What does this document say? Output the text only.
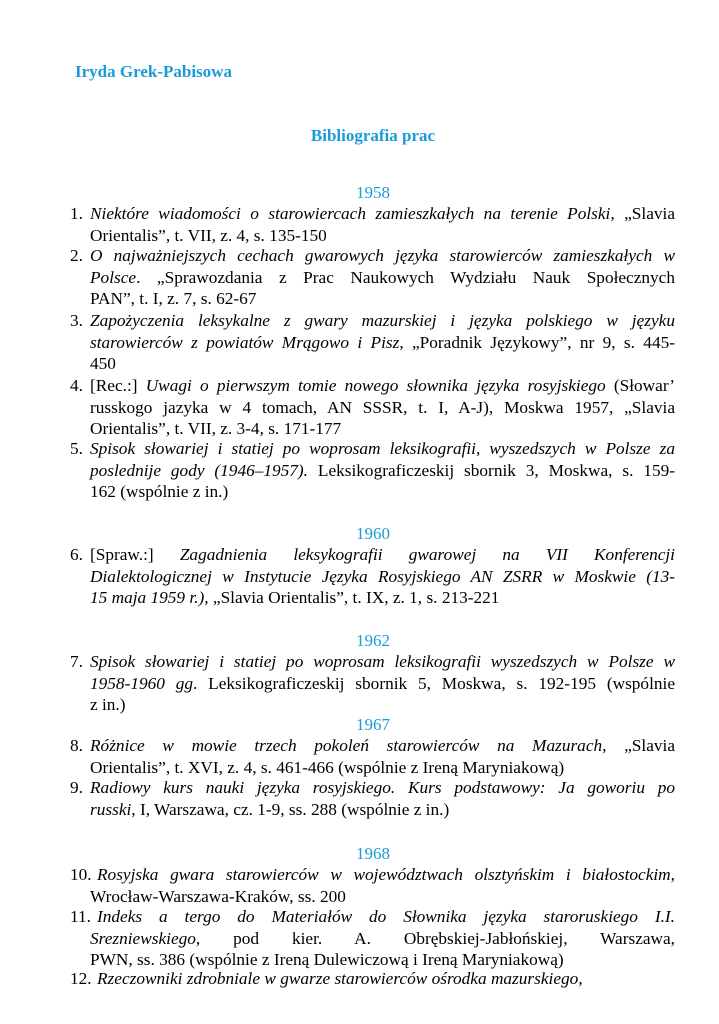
Iryda Grek-Pabisowa
Bibliografia prac
1958
1960
1962
1967
1968
1. Niektóre wiadomości o starowiercach zamieszkałych na terenie Polski, „Slavia
Orientalis”, t. VII, z. 4, s. 135-150
2. O najważniejszych cechach gwarowych języka starowierców zamieszkałych w
Polsce. „Sprawozdania z Prac Naukowych Wydziału Nauk Społecznych
PAN”, t. I, z. 7, s. 62-67
3. Zapożyczenia leksykalne z gwary mazurskiej i języka polskiego w języku
starowierców z powiatów Mrągowo i Pisz, „Poradnik Językowy”, nr 9, s. 445-
450
4. [Rec.:] Uwagi o pierwszym tomie nowego słownika języka rosyjskiego (Słowar’
russkogo jazyka w 4 tomach, AN SSSR, t. I, A-J), Moskwa 1957, „Slavia
Orientalis”, t. VII, z. 3-4, s. 171-177
5. Spisok słowariej i statiej po woprosam leksikografii, wyszedszych w Polsze za
poslednije gody (1946–1957). Leksikograficzeskij sbornik 3, Moskwa, s. 159-
162 (wspólnie z in.)
6. [Spraw.:] Zagadnienia leksykografii gwarowej na VII Konferencji
Dialektologicznej w Instytucie Języka Rosyjskiego AN ZSRR w Moskwie (13-
15 maja 1959 r.), „Slavia Orientalis”, t. IX, z. 1, s. 213-221
7. Spisok słowariej i statiej po woprosam leksikografii wyszedszych w Polsze w
1958-1960 gg. Leksikograficzeskij sbornik 5, Moskwa, s. 192-195 (wspólnie
z in.)
8. Różnice w mowie trzech pokoleń starowierców na Mazurach, „Slavia
Orientalis”, t. XVI, z. 4, s. 461-466 (wspólnie z Ireną Maryniakową)
9. Radiowy kurs nauki języka rosyjskiego. Kurs podstawowy: Ja goworiu po
russki, I, Warszawa, cz. 1-9, ss. 288 (wspólnie z in.)
10. Rosyjska gwara starowierców w województwach olsztyńskim i białostockim,
Wrocław-Warszawa-Kraków, ss. 200
11. Indeks a tergo do Materiałów do Słownika języka staroruskiego I.I.
Srezniewskiego, pod kier. A. Obrębskiej-Jabłońskiej, Warszawa,
PWN, ss. 386 (wspólnie z Ireną Dulewiczową i Ireną Maryniakową)
12. Rzeczowniki zdrobniale w gwarze starowierców ośrodka mazurskiego,
